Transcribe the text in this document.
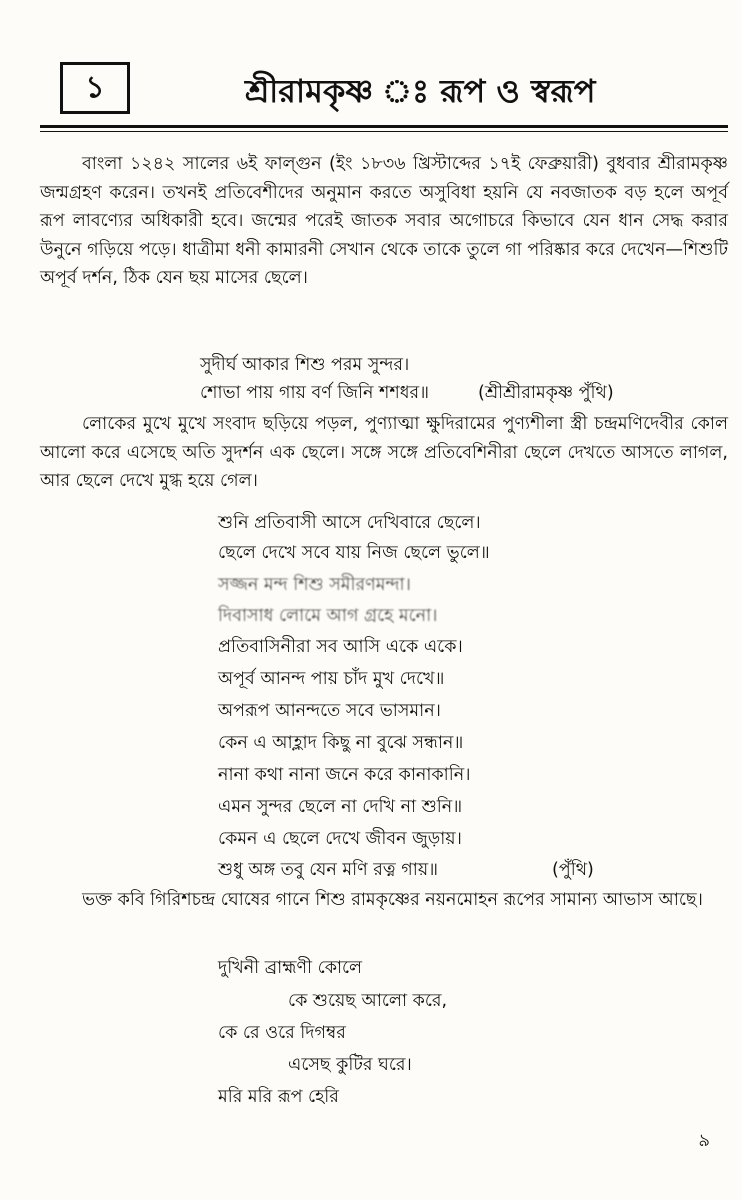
১	শ্রীরামকৃষ্ণ ঃ রূপ ও স্বরূপ

বাংলা ১২৪২ সালের ৬ই ফাল্গুন (ইং ১৮৩৬ খ্রিস্টাব্দের ১৭ই ফেব্রুয়ারী) বুধবার শ্রীরামকৃষ্ণ জন্মগ্রহণ করেন। তখনই প্রতিবেশীদের অনুমান করতে অসুবিধা হয়নি যে নবজাতক বড় হলে অপূর্ব রূপ লাবণ্যের অধিকারী হবে। জন্মের পরেই জাতক সবার অগোচরে কিভাবে যেন ধান সেদ্ধ করার উনুনে গড়িয়ে পড়ে। ধাত্রীমা ধনী কামারনী সেখান থেকে তাকে তুলে গা পরিষ্কার করে দেখেন—শিশুটি অপূর্ব দর্শন, ঠিক যেন ছয় মাসের ছেলে।

সুদীর্ঘ আকার শিশু পরম সুন্দর।
শোভা পায় গায় বর্ণ জিনি শশধর॥	(শ্রীশ্রীরামকৃষ্ণ পুঁথি)

লোকের মুখে মুখে সংবাদ ছড়িয়ে পড়ল, পুণ্যাত্মা ক্ষুদিরামের পুণ্যশীলা স্ত্রী চন্দ্রমণিদেবীর কোল আলো করে এসেছে অতি সুদর্শন এক ছেলে। সঙ্গে সঙ্গে প্রতিবেশিনীরা ছেলে দেখতে আসতে লাগল, আর ছেলে দেখে মুগ্ধ হয়ে গেল।

শুনি প্রতিবাসী আসে দেখিবারে ছেলে।
ছেলে দেখে সবে যায় নিজ ছেলে ভুলে॥
সজ্জন মন্দ শিশু সমীরণমন্দা।
দিবাসাধ লোমে আগ গ্রহে মনো।
প্রতিবাসিনীরা সব আসি একে একে।
অপূর্ব আনন্দ পায় চাঁদ মুখ দেখে॥
অপরূপ আনন্দতে সবে ভাসমান।
কেন এ আহ্লাদ কিছু না বুঝে সন্ধান॥
নানা কথা নানা জনে করে কানাকানি।
এমন সুন্দর ছেলে না দেখি না শুনি॥
কেমন এ ছেলে দেখে জীবন জুড়ায়।
শুধু অঙ্গ তবু যেন মণি রত্ন গায়॥	(পুঁথি)

ভক্ত কবি গিরিশচন্দ্র ঘোষের গানে শিশু রামকৃষ্ণের নয়নমোহন রূপের সামান্য আভাস আছে।

দুখিনী ব্রাহ্মণী কোলে
কে শুয়েছ আলো করে,
কে রে ওরে দিগম্বর
এসেছ কুটির ঘরে।
মরি মরি রূপ হেরি
৯
